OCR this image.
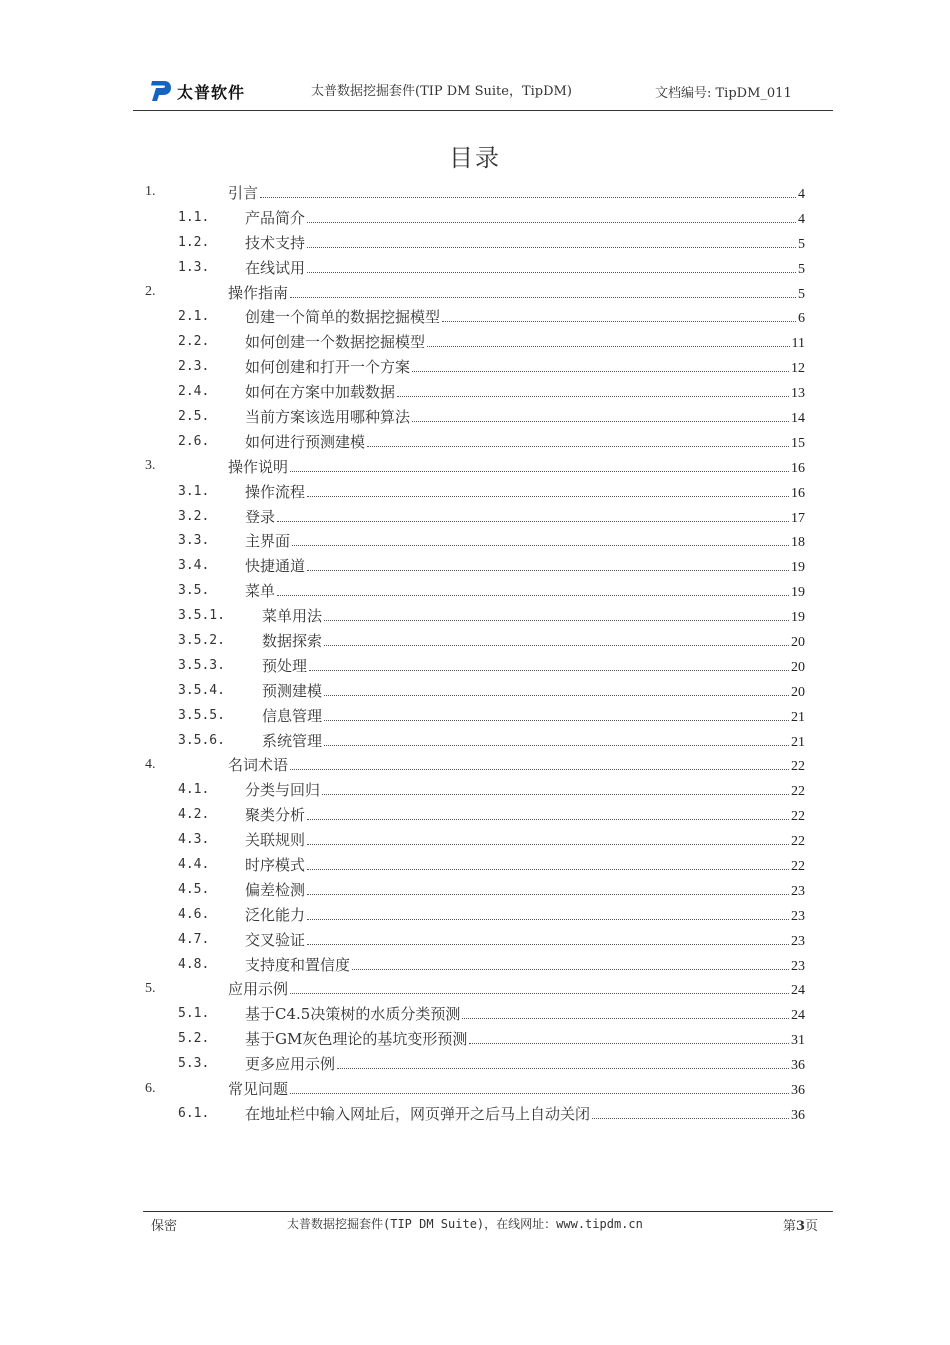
太普软件	太普数据挖掘套件(TIP DM Suite，TipDM)	文档编号: TipDM_011
目录
1.	引言	4
1.1. 产品简介	4
1.2. 技术支持	5
1.3. 在线试用	5
2.	操作指南	5
2.1. 创建一个简单的数据挖掘模型	6
2.2. 如何创建一个数据挖掘模型	11
2.3. 如何创建和打开一个方案	12
2.4. 如何在方案中加载数据	13
2.5. 当前方案该选用哪种算法	14
2.6. 如何进行预测建模	15
3.	操作说明	16
3.1. 操作流程	16
3.2. 登录	17
3.3. 主界面	18
3.4. 快捷通道	19
3.5. 菜单	19
3.5.1. 菜单用法	19
3.5.2. 数据探索	20
3.5.3. 预处理	20
3.5.4. 预测建模	20
3.5.5. 信息管理	21
3.5.6. 系统管理	21
4.	名词术语	22
4.1. 分类与回归	22
4.2. 聚类分析	22
4.3. 关联规则	22
4.4. 时序模式	22
4.5. 偏差检测	23
4.6. 泛化能力	23
4.7. 交叉验证	23
4.8. 支持度和置信度	23
5.	应用示例	24
5.1. 基于C4.5决策树的水质分类预测	24
5.2. 基于GM灰色理论的基坑变形预测	31
5.3. 更多应用示例	36
6.	常见问题	36
6.1. 在地址栏中输入网址后，网页弹开之后马上自动关闭	36
保密	太普数据挖掘套件(TIP DM Suite)，在线网址：www.tipdm.cn	第3页
